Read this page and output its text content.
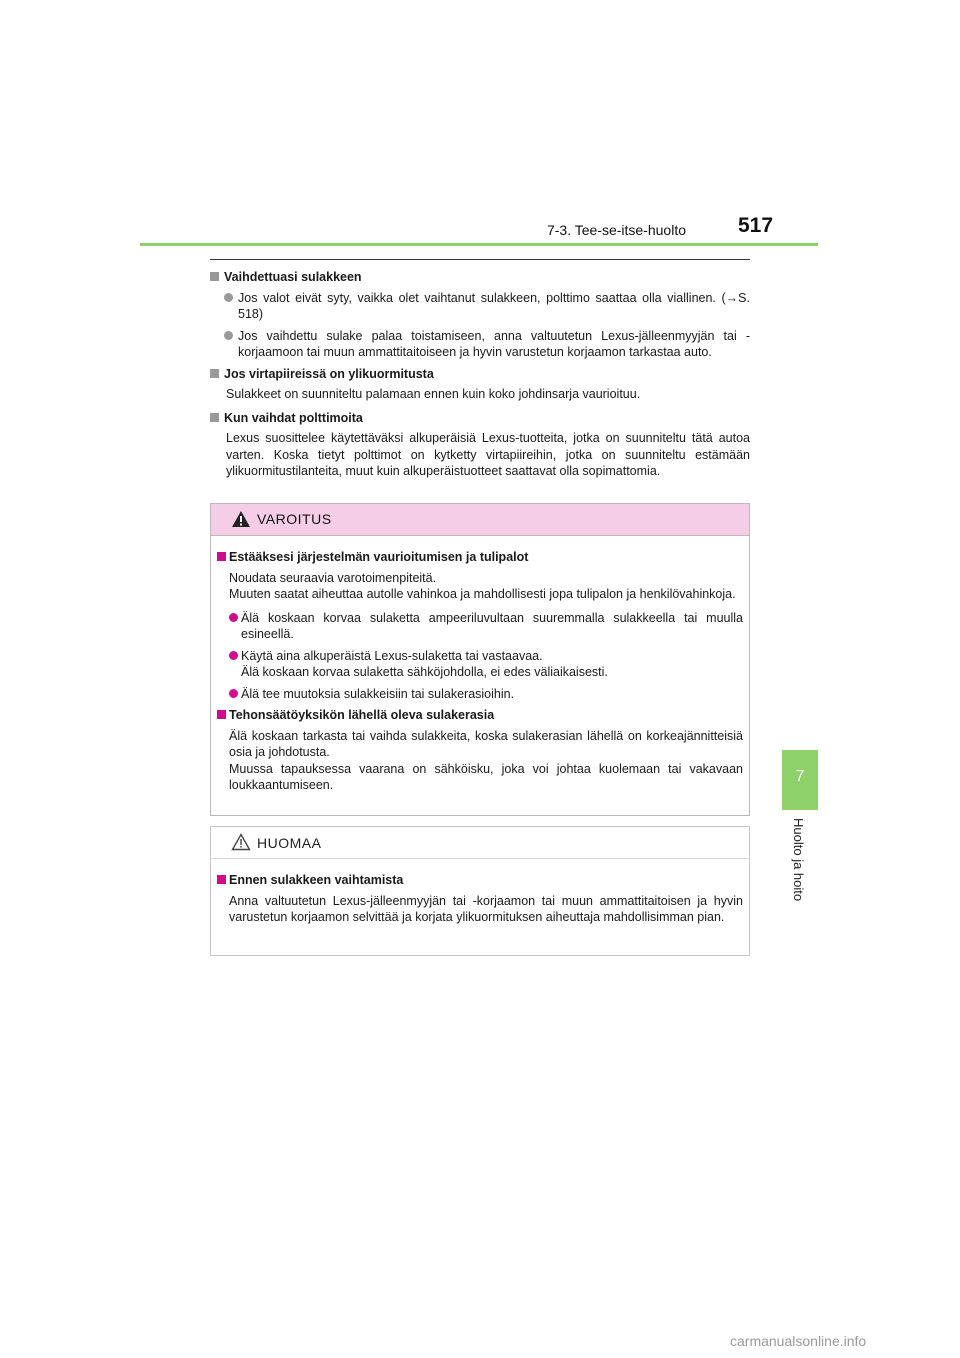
7-3. Tee-se-itse-huolto 517
7
Huolto ja hoito
Vaihdettuasi sulakkeen
Jos valot eivät syty, vaikka olet vaihtanut sulakkeen, polttimo saattaa olla viallinen. (→S. 518)
Jos vaihdettu sulake palaa toistamiseen, anna valtuutetun Lexus-jälleenmyyjän tai -korjaamoon tai muun ammattitaitoiseen ja hyvin varustetun korjaamon tarkastaa auto.
Jos virtapiireissä on ylikuormitusta
Sulakkeet on suunniteltu palamaan ennen kuin koko johdinsarja vaurioituu.
Kun vaihdat polttimoita
Lexus suosittelee käytettäväksi alkuperäisiä Lexus-tuotteita, jotka on suunniteltu tätä autoa varten. Koska tietyt polttimot on kytketty virtapiireihin, jotka on suunniteltu estämään ylikuormitustilanteita, muut kuin alkuperäistuotteet saattavat olla sopimattomia.
VAROITUS
Estääksesi järjestelmän vaurioitumisen ja tulipalot
Noudata seuraavia varotoimenpiteitä.
Muuten saatat aiheuttaa autolle vahinkoa ja mahdollisesti jopa tulipalon ja henkilövahinkoja.
Älä koskaan korvaa sulaketta ampeeriluvultaan suuremmalla sulakkeella tai muulla esineellä.
Käytä aina alkuperäistä Lexus-sulaketta tai vastaavaa.
Älä koskaan korvaa sulaketta sähköjohdolla, ei edes väliaikaisesti.
Älä tee muutoksia sulakkeisiin tai sulakerasioihin.
Tehonsäätöyksikön lähellä oleva sulakerasia
Älä koskaan tarkasta tai vaihda sulakkeita, koska sulakerasian lähellä on korkeajännitteisiä osia ja johdotusta.
Muussa tapauksessa vaarana on sähköisku, joka voi johtaa kuolemaan tai vakavaan loukkaantumiseen.
HUOMAA
Ennen sulakkeen vaihtamista
Anna valtuutetun Lexus-jälleenmyyjän tai -korjaamon tai muun ammattitaitoisen ja hyvin varustetun korjaamon selvittää ja korjata ylikuormituksen aiheuttaja mahdollisimman pian.
carmanualsonline.info
